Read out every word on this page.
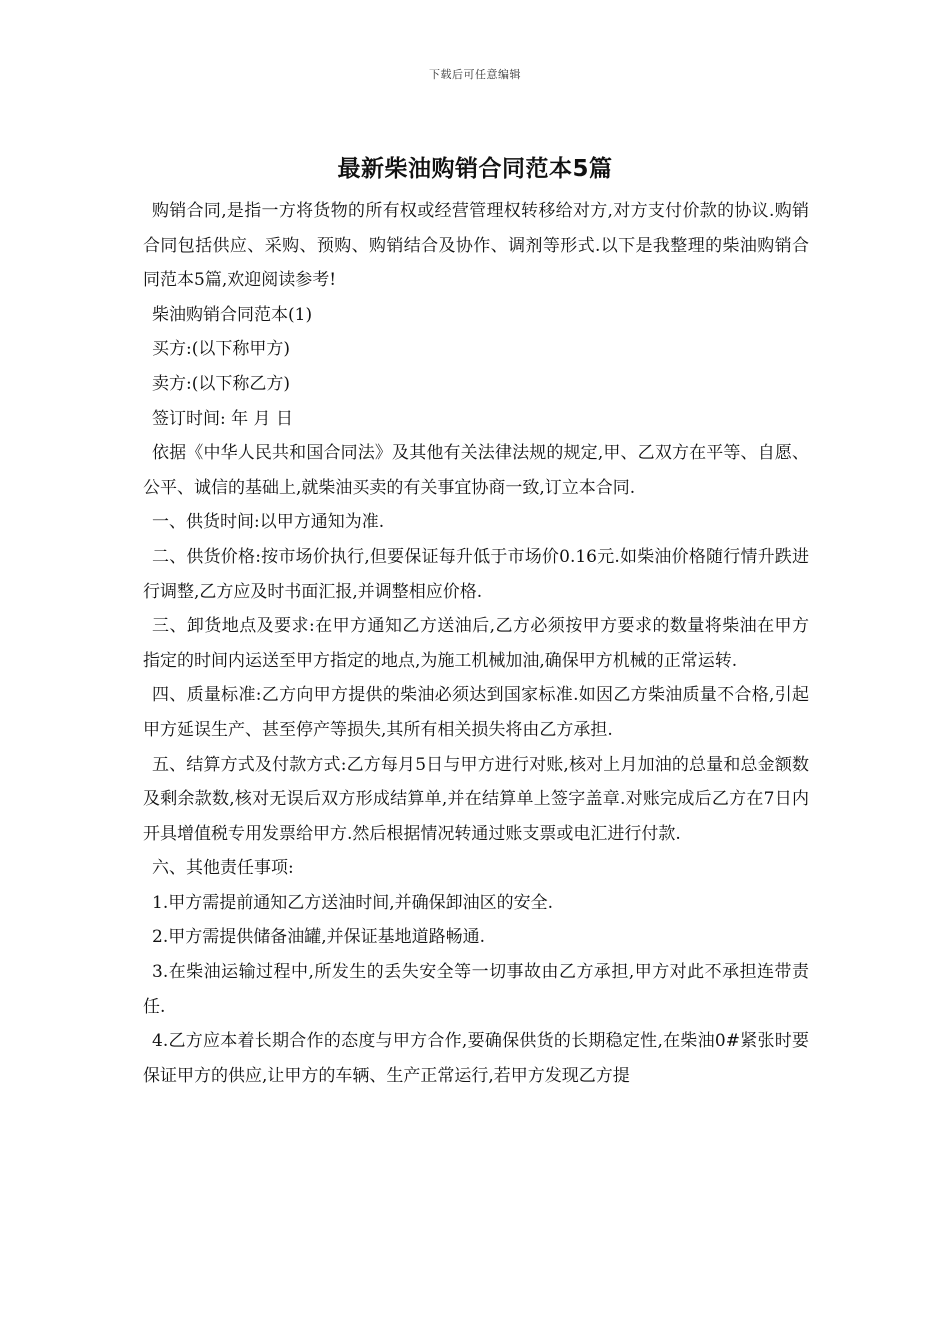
下载后可任意编辑
最新柴油购销合同范本5篇

购销合同,是指一方将货物的所有权或经营管理权转移给对方,对方支付价款的协议.购销合同包括供应、采购、预购、购销结合及协作、调剂等形式.以下是我整理的柴油购销合同范本5篇,欢迎阅读参考!

柴油购销合同范本(1)

买方:(以下称甲方)

卖方:(以下称乙方)

签订时间: 年 月 日

依据《中华人民共和国合同法》及其他有关法律法规的规定,甲、乙双方在平等、自愿、公平、诚信的基础上,就柴油买卖的有关事宜协商一致,订立本合同.

一、供货时间:以甲方通知为准.

二、供货价格:按市场价执行,但要保证每升低于市场价0.16元.如柴油价格随行情升跌进行调整,乙方应及时书面汇报,并调整相应价格.

三、卸货地点及要求:在甲方通知乙方送油后,乙方必须按甲方要求的数量将柴油在甲方指定的时间内运送至甲方指定的地点,为施工机械加油,确保甲方机械的正常运转.

四、质量标准:乙方向甲方提供的柴油必须达到国家标准.如因乙方柴油质量不合格,引起甲方延误生产、甚至停产等损失,其所有相关损失将由乙方承担.

五、结算方式及付款方式:乙方每月5日与甲方进行对账,核对上月加油的总量和总金额数及剩余款数,核对无误后双方形成结算单,并在结算单上签字盖章.对账完成后乙方在7日内开具增值税专用发票给甲方.然后根据情况转通过账支票或电汇进行付款.

六、其他责任事项:

1.甲方需提前通知乙方送油时间,并确保卸油区的安全.

2.甲方需提供储备油罐,并保证基地道路畅通.

3.在柴油运输过程中,所发生的丢失安全等一切事故由乙方承担,甲方对此不承担连带责任.

4.乙方应本着长期合作的态度与甲方合作,要确保供货的长期稳定性,在柴油0#紧张时要保证甲方的供应,让甲方的车辆、生产正常运行,若甲方发现乙方提
